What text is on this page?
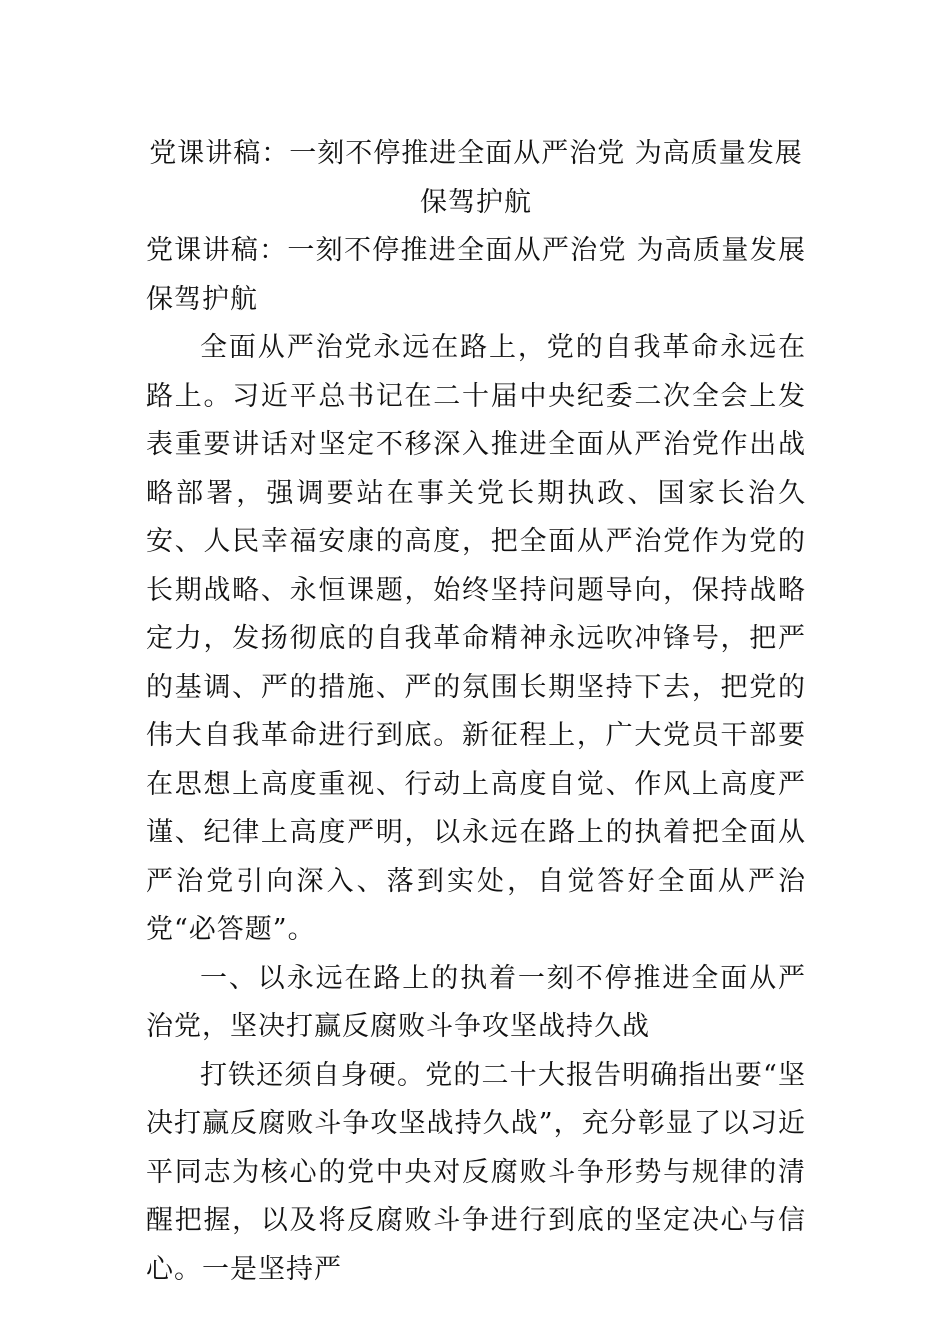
党课讲稿：一刻不停推进全面从严治党 为高质量发展保驾护航

党课讲稿：一刻不停推进全面从严治党 为高质量发展保驾护航

全面从严治党永远在路上，党的自我革命永远在路上。习近平总书记在二十届中央纪委二次全会上发表重要讲话对坚定不移深入推进全面从严治党作出战略部署，强调要站在事关党长期执政、国家长治久安、人民幸福安康的高度，把全面从严治党作为党的长期战略、永恒课题，始终坚持问题导向，保持战略定力，发扬彻底的自我革命精神永远吹冲锋号，把严的基调、严的措施、严的氛围长期坚持下去，把党的伟大自我革命进行到底。新征程上，广大党员干部要在思想上高度重视、行动上高度自觉、作风上高度严谨、纪律上高度严明，以永远在路上的执着把全面从严治党引向深入、落到实处，自觉答好全面从严治党“必答题”。

一、以永远在路上的执着一刻不停推进全面从严治党，坚决打赢反腐败斗争攻坚战持久战

打铁还须自身硬。党的二十大报告明确指出要“坚决打赢反腐败斗争攻坚战持久战”，充分彰显了以习近平同志为核心的党中央对反腐败斗争形势与规律的清醒把握，以及将反腐败斗争进行到底的坚定决心与信心。一是坚持严
